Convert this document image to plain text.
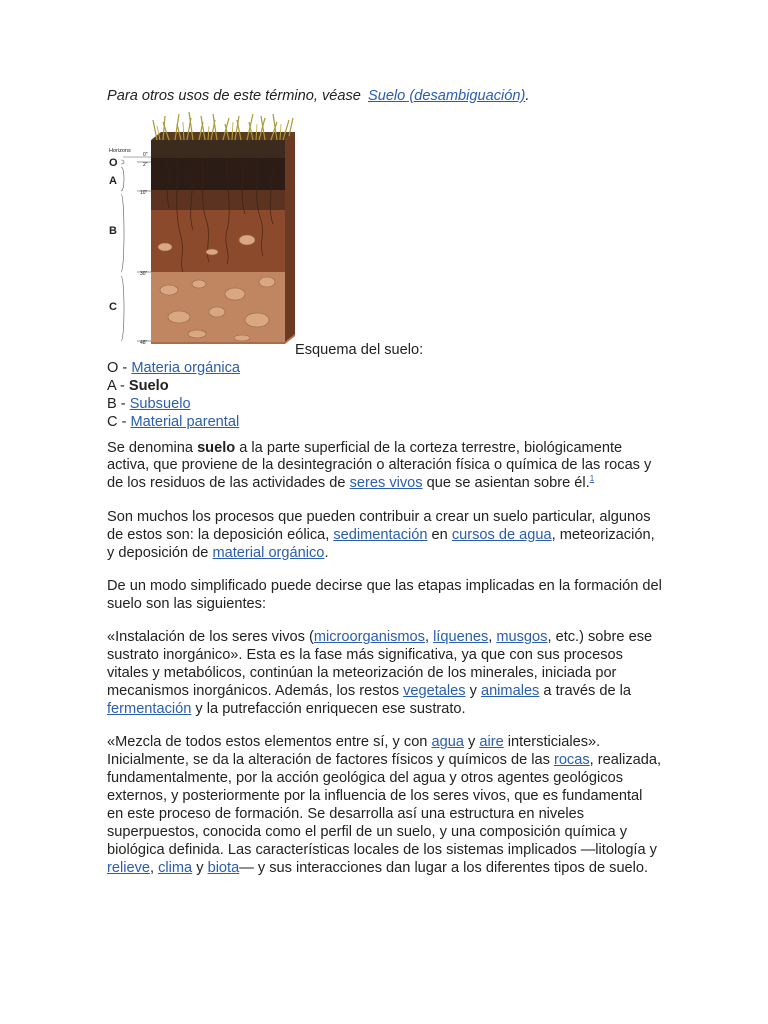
Para otros usos de este término, véase Suelo (desambiguación).
Horizons
0"
2"
10"
30"
48"
O
A
B
C
Esquema del suelo:
O - Materia orgánica
A - Suelo
B - Subsuelo
C - Material parental

Se denomina suelo a la parte superficial de la corteza terrestre, biológicamente activa, que proviene de la desintegración o alteración física o química de las rocas y de los residuos de las actividades de seres vivos que se asientan sobre él.$^1$

Son muchos los procesos que pueden contribuir a crear un suelo particular, algunos de estos son: la deposición eólica, sedimentación en cursos de agua, meteorización, y deposición de material orgánico.

De un modo simplificado puede decirse que las etapas implicadas en la formación del suelo son las siguientes:

«Instalación de los seres vivos (microorganismos, líquenes, musgos, etc.) sobre ese sustrato inorgánico». Esta es la fase más significativa, ya que con sus procesos vitales y metabólicos, continúan la meteorización de los minerales, iniciada por mecanismos inorgánicos. Además, los restos vegetales y animales a través de la fermentación y la putrefacción enriquecen ese sustrato.

«Mezcla de todos estos elementos entre sí, y con agua y aire intersticiales». Inicialmente, se da la alteración de factores físicos y químicos de las rocas, realizada, fundamentalmente, por la acción geológica del agua y otros agentes geológicos externos, y posteriormente por la influencia de los seres vivos, que es fundamental en este proceso de formación. Se desarrolla así una estructura en niveles superpuestos, conocida como el perfil de un suelo, y una composición química y biológica definida. Las características locales de los sistemas implicados —litología y relieve, clima y biota— y sus interacciones dan lugar a los diferentes tipos de suelo.
